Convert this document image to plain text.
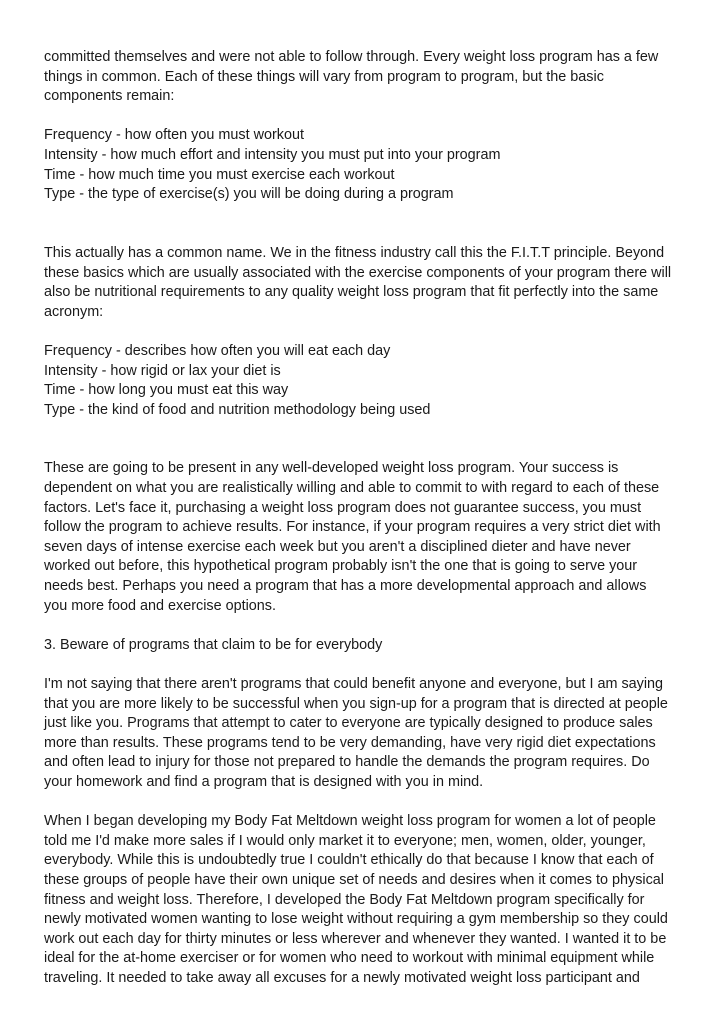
committed themselves and were not able to follow through. Every weight loss program has a few
things in common. Each of these things will vary from program to program, but the basic
components remain:
Frequency - how often you must workout
Intensity - how much effort and intensity you must put into your program
Time - how much time you must exercise each workout
Type - the type of exercise(s) you will be doing during a program
This actually has a common name. We in the fitness industry call this the F.I.T.T principle. Beyond
these basics which are usually associated with the exercise components of your program there will
also be nutritional requirements to any quality weight loss program that fit perfectly into the same
acronym:
Frequency - describes how often you will eat each day
Intensity - how rigid or lax your diet is
Time - how long you must eat this way
Type - the kind of food and nutrition methodology being used
These are going to be present in any well-developed weight loss program. Your success is
dependent on what you are realistically willing and able to commit to with regard to each of these
factors. Let's face it, purchasing a weight loss program does not guarantee success, you must
follow the program to achieve results. For instance, if your program requires a very strict diet with
seven days of intense exercise each week but you aren't a disciplined dieter and have never
worked out before, this hypothetical program probably isn't the one that is going to serve your
needs best. Perhaps you need a program that has a more developmental approach and allows
you more food and exercise options.
3. Beware of programs that claim to be for everybody
I'm not saying that there aren't programs that could benefit anyone and everyone, but I am saying
that you are more likely to be successful when you sign-up for a program that is directed at people
just like you. Programs that attempt to cater to everyone are typically designed to produce sales
more than results. These programs tend to be very demanding, have very rigid diet expectations
and often lead to injury for those not prepared to handle the demands the program requires. Do
your homework and find a program that is designed with you in mind.
When I began developing my Body Fat Meltdown weight loss program for women a lot of people
told me I'd make more sales if I would only market it to everyone; men, women, older, younger,
everybody. While this is undoubtedly true I couldn't ethically do that because I know that each of
these groups of people have their own unique set of needs and desires when it comes to physical
fitness and weight loss. Therefore, I developed the Body Fat Meltdown program specifically for
newly motivated women wanting to lose weight without requiring a gym membership so they could
work out each day for thirty minutes or less wherever and whenever they wanted. I wanted it to be
ideal for the at-home exerciser or for women who need to workout with minimal equipment while
traveling. It needed to take away all excuses for a newly motivated weight loss participant and
